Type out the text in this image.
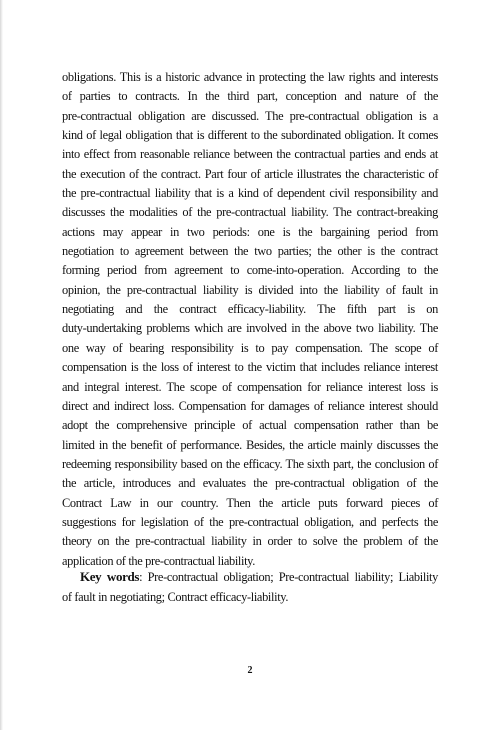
obligations. This is a historic advance in protecting the law rights and interests
of parties to contracts. In the third part, conception and nature of the
pre-contractual obligation are discussed. The pre-contractual obligation is a
kind of legal obligation that is different to the subordinated obligation. It comes
into effect from reasonable reliance between the contractual parties and ends at
the execution of the contract. Part four of article illustrates the characteristic of
the pre-contractual liability that is a kind of dependent civil responsibility and
discusses the modalities of the pre-contractual liability. The contract-breaking
actions may appear in two periods: one is the bargaining period from
negotiation to agreement between the two parties; the other is the contract
forming period from agreement to come-into-operation. According to the
opinion, the pre-contractual liability is divided into the liability of fault in
negotiating and the contract efficacy-liability. The fifth part is on
duty-undertaking problems which are involved in the above two liability. The
one way of bearing responsibility is to pay compensation. The scope of
compensation is the loss of interest to the victim that includes reliance interest
and integral interest. The scope of compensation for reliance interest loss is
direct and indirect loss. Compensation for damages of reliance interest should
adopt the comprehensive principle of actual compensation rather than be
limited in the benefit of performance. Besides, the article mainly discusses the
redeeming responsibility based on the efficacy. The sixth part, the conclusion of
the article, introduces and evaluates the pre-contractual obligation of the
Contract Law in our country. Then the article puts forward pieces of
suggestions for legislation of the pre-contractual obligation, and perfects the
theory on the pre-contractual liability in order to solve the problem of the
application of the pre-contractual liability.
Key words: Pre-contractual obligation; Pre-contractual liability; Liability
of fault in negotiating; Contract efficacy-liability.
2
